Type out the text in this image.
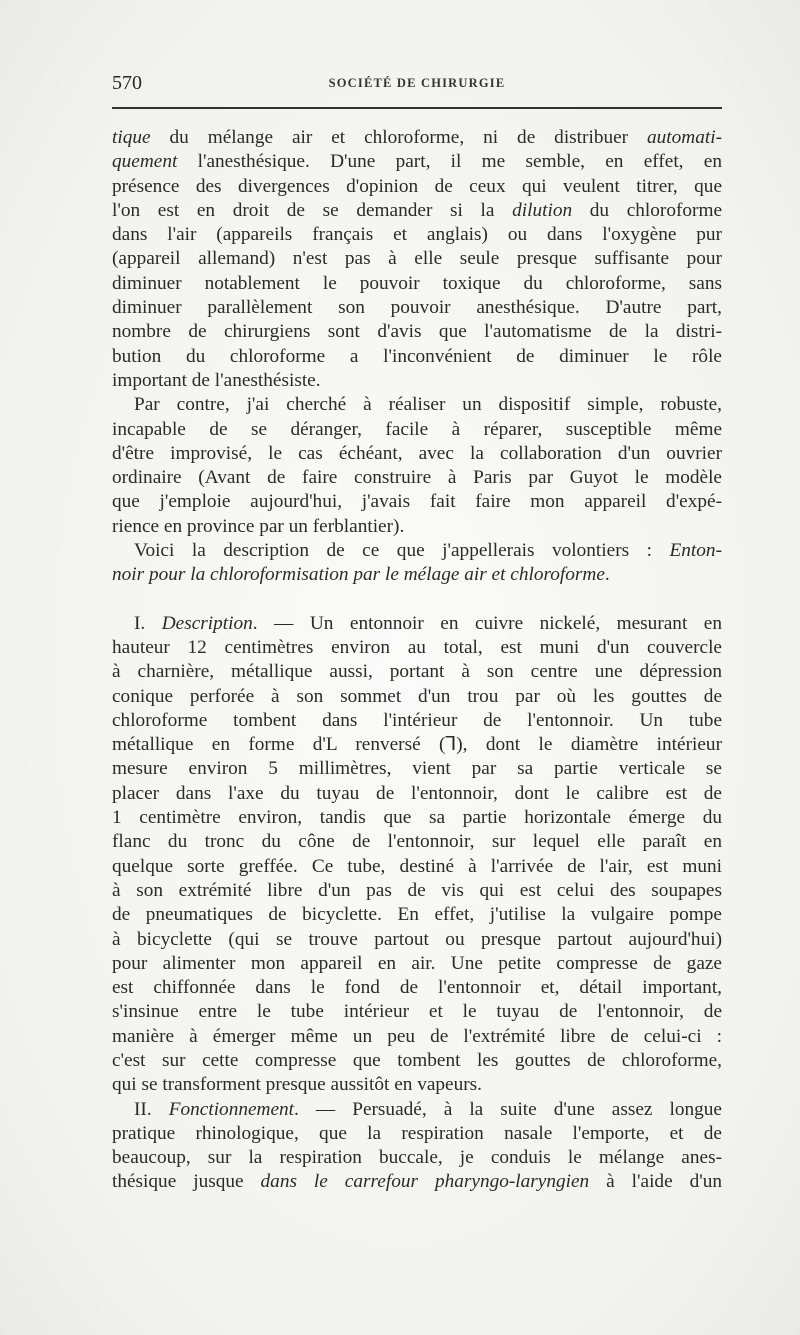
570	SOCIÉTÉ DE CHIRURGIE

tique du mélange air et chloroforme, ni de distribuer automati-
quement l'anesthésique. D'une part, il me semble, en effet, en
présence des divergences d'opinion de ceux qui veulent titrer, que
l'on est en droit de se demander si la dilution du chloroforme
dans l'air (appareils français et anglais) ou dans l'oxygène pur
(appareil allemand) n'est pas à elle seule presque suffisante pour
diminuer notablement le pouvoir toxique du chloroforme, sans
diminuer parallèlement son pouvoir anesthésique. D'autre part,
nombre de chirurgiens sont d'avis que l'automatisme de la distri-
bution du chloroforme a l'inconvénient de diminuer le rôle
important de l'anesthésiste.

Par contre, j'ai cherché à réaliser un dispositif simple, robuste,
incapable de se déranger, facile à réparer, susceptible même
d'être improvisé, le cas échéant, avec la collaboration d'un ouvrier
ordinaire (Avant de faire construire à Paris par Guyot le modèle
que j'emploie aujourd'hui, j'avais fait faire mon appareil d'expé-
rience en province par un ferblantier).

Voici la description de ce que j'appellerais volontiers : Enton-
noir pour la chloroformisation par le mélage air et chloroforme.

I. Description. — Un entonnoir en cuivre nickelé, mesurant en
hauteur 12 centimètres environ au total, est muni d'un couvercle
à charnière, métallique aussi, portant à son centre une dépression
conique perforée à son sommet d'un trou par où les gouttes de
chloroforme tombent dans l'intérieur de l'entonnoir. Un tube
métallique en forme d'L renversé (ꓶ), dont le diamètre intérieur
mesure environ 5 millimètres, vient par sa partie verticale se
placer dans l'axe du tuyau de l'entonnoir, dont le calibre est de
1 centimètre environ, tandis que sa partie horizontale émerge du
flanc du tronc du cône de l'entonnoir, sur lequel elle paraît en
quelque sorte greffée. Ce tube, destiné à l'arrivée de l'air, est muni
à son extrémité libre d'un pas de vis qui est celui des soupapes
de pneumatiques de bicyclette. En effet, j'utilise la vulgaire pompe
à bicyclette (qui se trouve partout ou presque partout aujourd'hui)
pour alimenter mon appareil en air. Une petite compresse de gaze
est chiffonnée dans le fond de l'entonnoir et, détail important,
s'insinue entre le tube intérieur et le tuyau de l'entonnoir, de
manière à émerger même un peu de l'extrémité libre de celui-ci :
c'est sur cette compresse que tombent les gouttes de chloroforme,
qui se transforment presque aussitôt en vapeurs.

II. Fonctionnement. — Persuadé, à la suite d'une assez longue
pratique rhinologique, que la respiration nasale l'emporte, et de
beaucoup, sur la respiration buccale, je conduis le mélange anes-
thésique jusque dans le carrefour pharyngo-laryngien à l'aide d'un
